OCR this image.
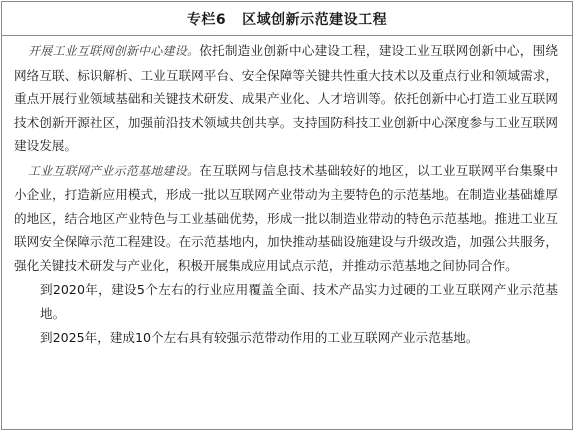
专栏6 区域创新示范建设工程

开展工业互联网创新中心建设。依托制造业创新中心建设工程，建设工业互联网创新中心，围绕网络互联、标识解析、工业互联网平台、安全保障等关键共性重大技术以及重点行业和领域需求，重点开展行业领域基础和关键技术研发、成果产业化、人才培训等。依托创新中心打造工业互联网技术创新开源社区，加强前沿技术领域共创共享。支持国防科技工业创新中心深度参与工业互联网建设发展。

工业互联网产业示范基地建设。在互联网与信息技术基础较好的地区，以工业互联网平台集聚中小企业，打造新应用模式，形成一批以互联网产业带动为主要特色的示范基地。在制造业基础雄厚的地区，结合地区产业特色与工业基础优势，形成一批以制造业带动的特色示范基地。推进工业互联网安全保障示范工程建设。在示范基地内，加快推动基础设施建设与升级改造，加强公共服务，强化关键技术研发与产业化，积极开展集成应用试点示范，并推动示范基地之间协同合作。

到2020年，建设5个左右的行业应用覆盖全面、技术产品实力过硬的工业互联网产业示范基地。

到2025年，建成10个左右具有较强示范带动作用的工业互联网产业示范基地。
